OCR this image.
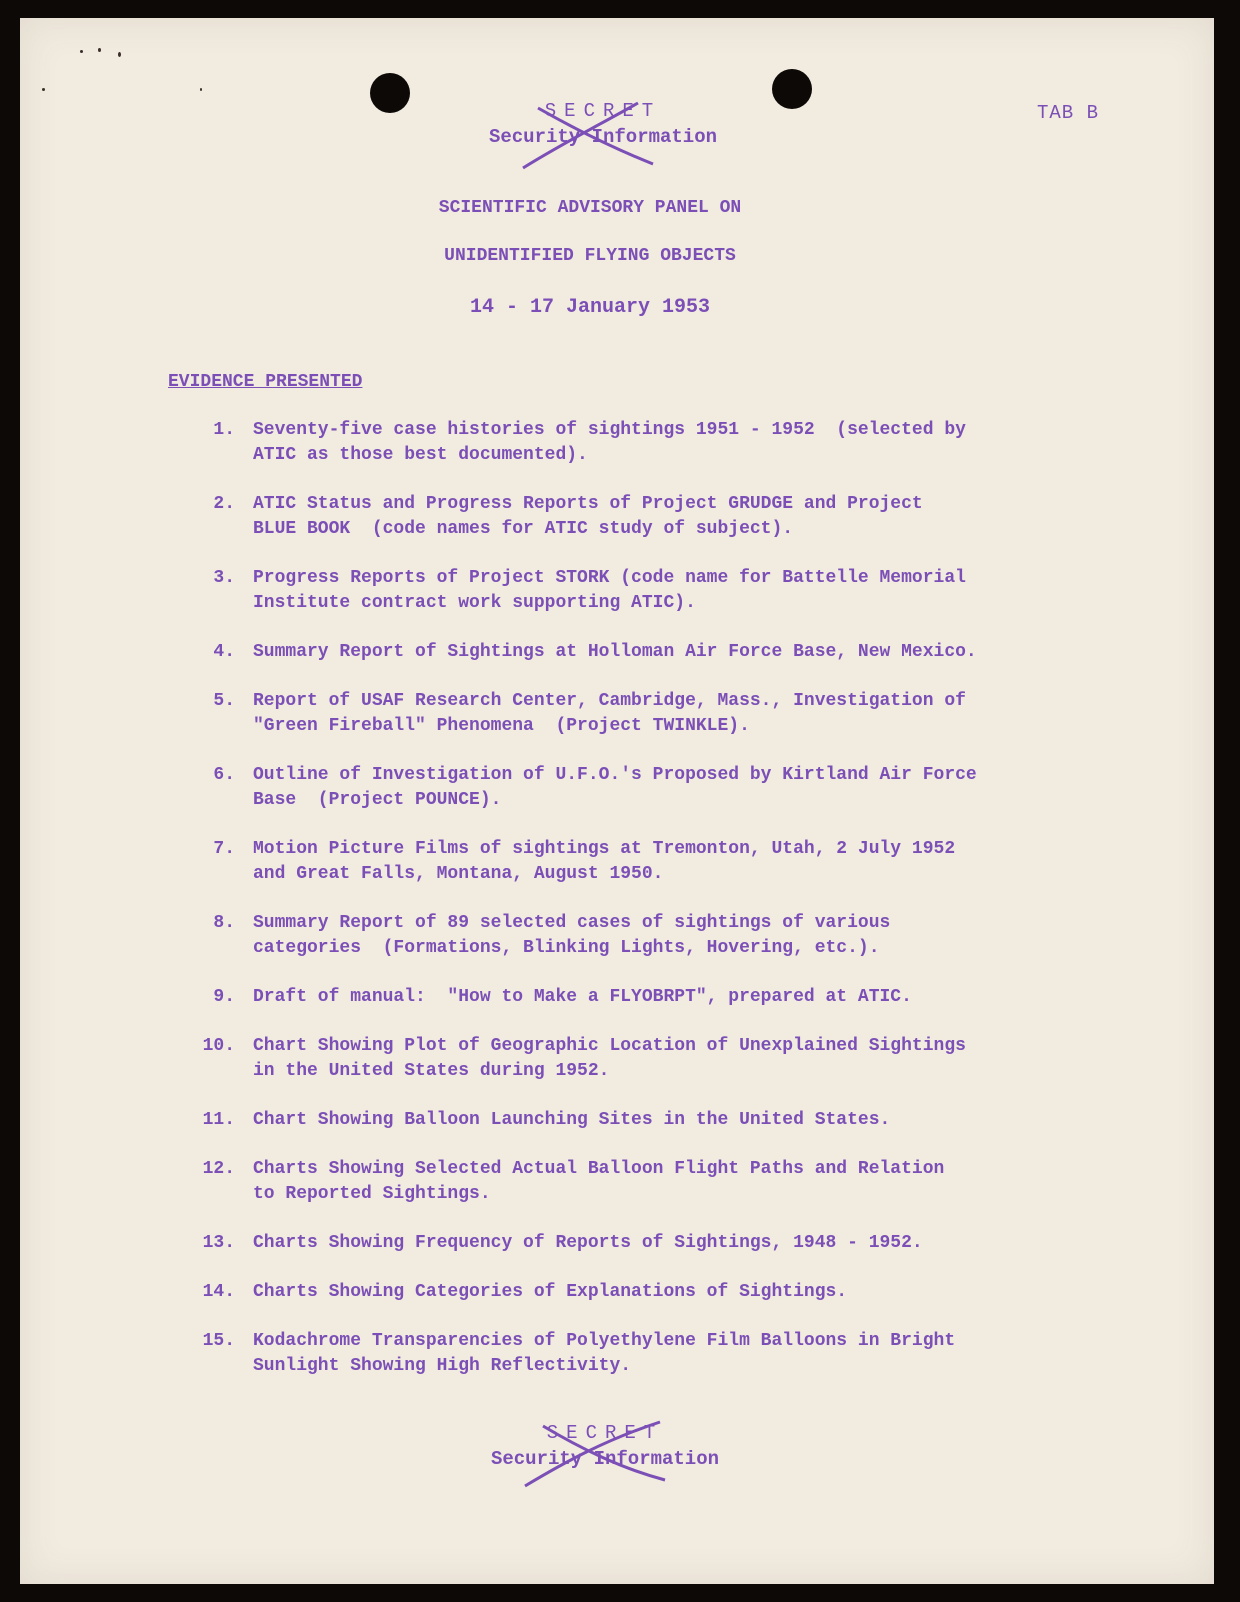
SECRET
Security Information
TAB B
SCIENTIFIC ADVISORY PANEL ON
UNIDENTIFIED FLYING OBJECTS
14 - 17 January 1953
EVIDENCE PRESENTED
1. Seventy-five case histories of sightings 1951 - 1952  (selected by
ATIC as those best documented).
2. ATIC Status and Progress Reports of Project GRUDGE and Project
BLUE BOOK  (code names for ATIC study of subject).
3. Progress Reports of Project STORK (code name for Battelle Memorial
Institute contract work supporting ATIC).
4. Summary Report of Sightings at Holloman Air Force Base, New Mexico.
5. Report of USAF Research Center, Cambridge, Mass., Investigation of
"Green Fireball" Phenomena  (Project TWINKLE).
6. Outline of Investigation of U.F.O.'s Proposed by Kirtland Air Force
Base  (Project POUNCE).
7. Motion Picture Films of sightings at Tremonton, Utah, 2 July 1952
and Great Falls, Montana, August 1950.
8. Summary Report of 89 selected cases of sightings of various
categories  (Formations, Blinking Lights, Hovering, etc.).
9. Draft of manual:  "How to Make a FLYOBRPT", prepared at ATIC.
10. Chart Showing Plot of Geographic Location of Unexplained Sightings
in the United States during 1952.
11. Chart Showing Balloon Launching Sites in the United States.
12. Charts Showing Selected Actual Balloon Flight Paths and Relation
to Reported Sightings.
13. Charts Showing Frequency of Reports of Sightings, 1948 - 1952.
14. Charts Showing Categories of Explanations of Sightings.
15. Kodachrome Transparencies of Polyethylene Film Balloons in Bright
Sunlight Showing High Reflectivity.
SECRET
Security Information
